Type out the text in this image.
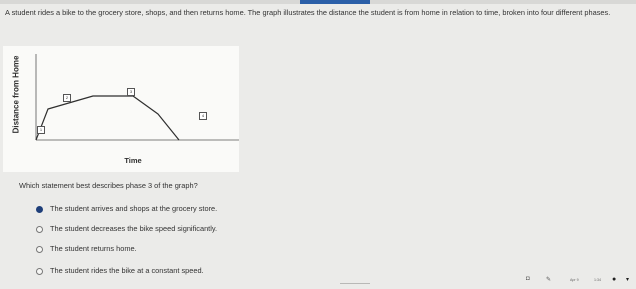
A student rides a bike to the grocery store, shops, and then returns home. The graph illustrates the distance the student is from home in relation to time, broken into four different phases.
Distance from Home
Time
1
2
3
4
Which statement best describes phase 3 of the graph?
The student arrives and shops at the grocery store.
The student decreases the bike speed significantly.
The student returns home.
The student rides the bike at a constant speed.
◘	✎	Apr 9	1:34 ● ▾
